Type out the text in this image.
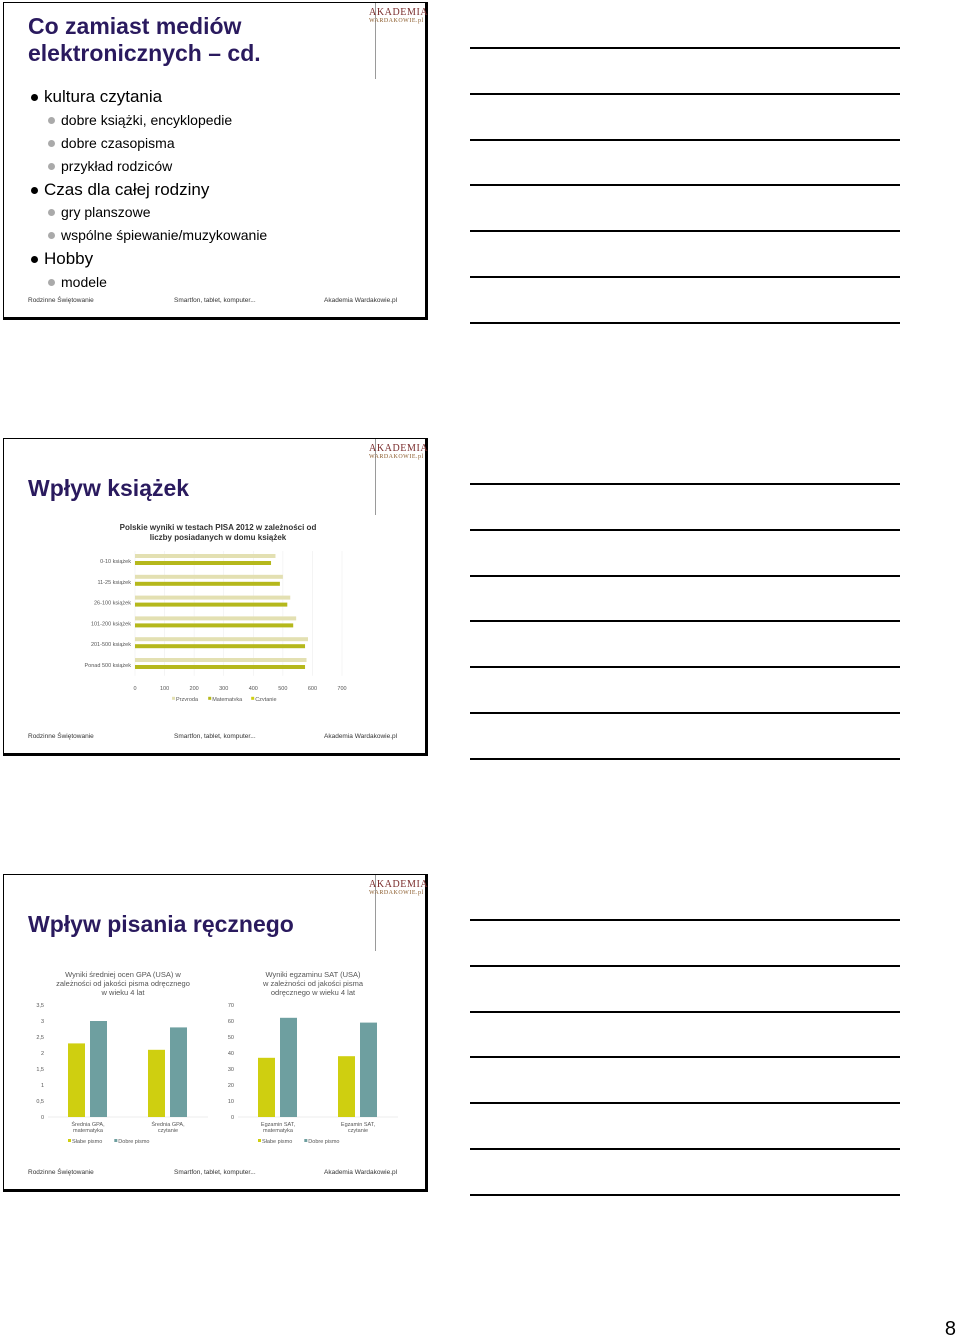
AKADEMIA
WARDAKOWIE.pl
Co zamiast mediów
elektronicznych – cd.
kultura czytania
dobre książki, encyklopedie
dobre czasopisma
przykład rodziców
Czas dla całej rodziny
gry planszowe
wspólne śpiewanie/muzykowanie
Hobby
modele
Rodzinne Świętowanie	Smartfon, tablet, komputer...	Akademia Wardakowie.pl
AKADEMIA
WARDAKOWIE.pl
Wpływ książek
Polskie wyniki w testach PISA 2012 w zależności od
liczby posiadanych w domu książek
0	100	200	300	400	500	600	700
0-10 książek
11-25 książek
26-100 książek
101-200 książek
201-500 książek
Ponad 500 książek
Przyroda	Matematyka Czytanie
Rodzinne Świętowanie	Smartfon, tablet, komputer...	Akademia Wardakowie.pl
AKADEMIA
WARDAKOWIE.pl
Wpływ pisania ręcznego
Wyniki średniej ocen GPA (USA) w
zależności od jakości pisma odręcznego
w wieku 4 lat
0
0,5
1
1,5
2
2,5
3
3,5
Średnia GPA,
matematyka
Średnia GPA,
czytanie
Słabe pismo	Dobre pismo
Wyniki egzaminu SAT (USA)
w zależności od jakości pisma
odręcznego w wieku 4 lat
0
10
20
30
40
50
60
70
Egzamin SAT,
matematyka
Egzamin SAT,
czytanie
Słabe pismo	Dobre pismo
Rodzinne Świętowanie	Smartfon, tablet, komputer...	Akademia Wardakowie.pl
8
